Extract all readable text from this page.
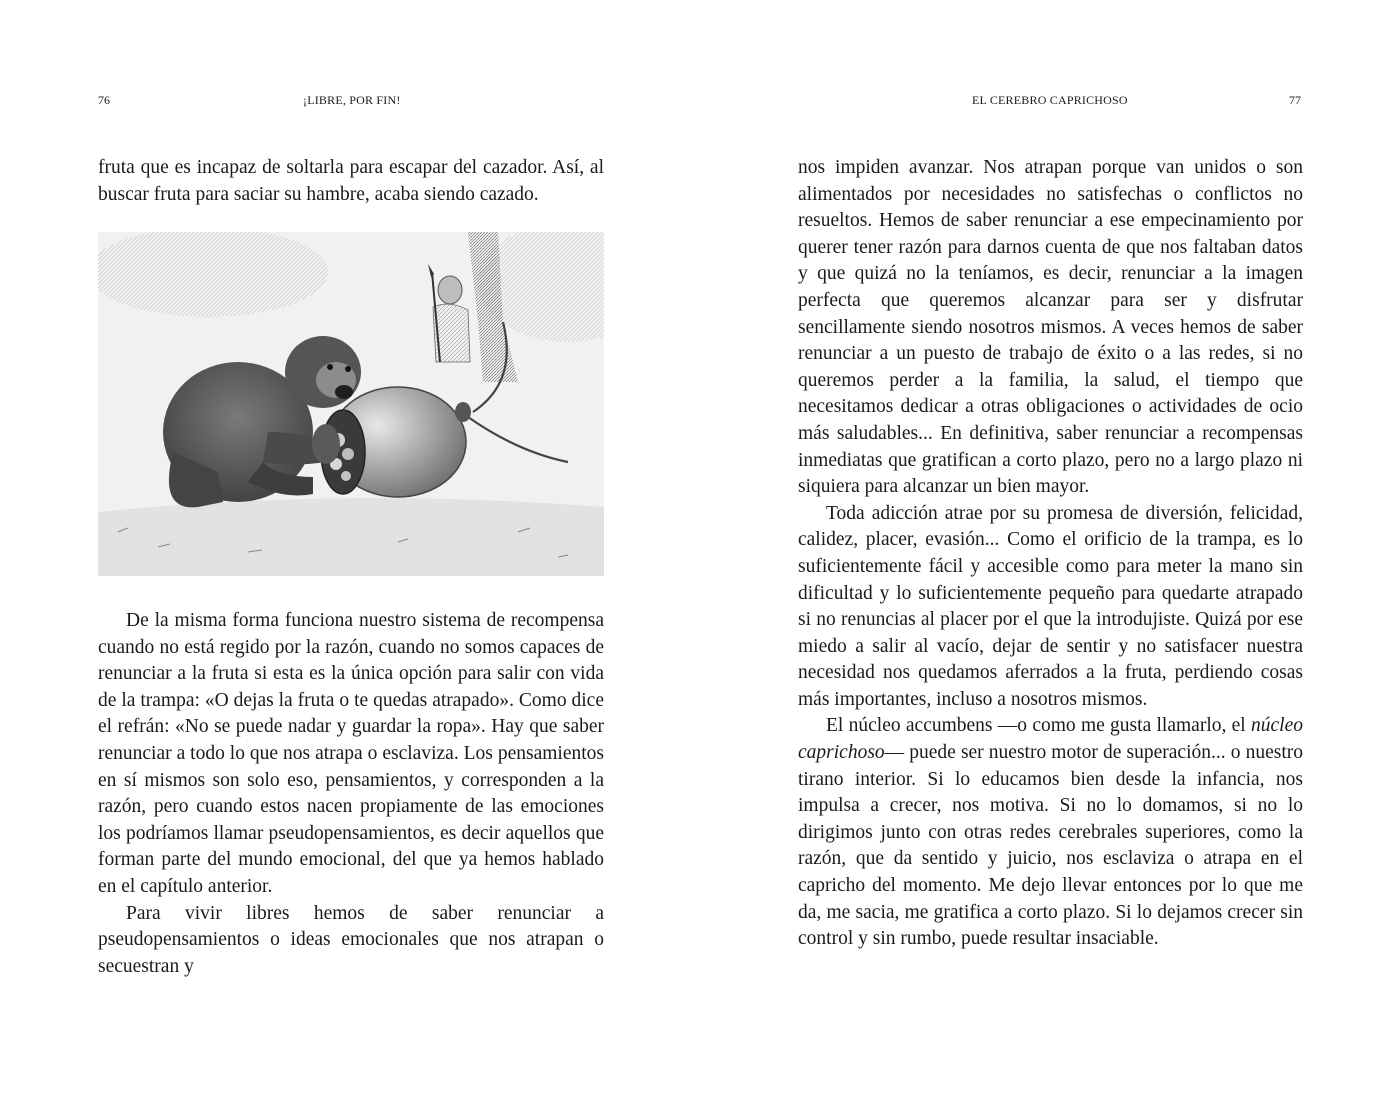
76	¡LIBRE, POR FIN!

fruta que es incapaz de soltarla para escapar del cazador. Así, al buscar fruta para saciar su hambre, acaba siendo cazado.

De la misma forma funciona nuestro sistema de recompensa cuando no está regido por la razón, cuando no somos capaces de renunciar a la fruta si esta es la única opción para salir con vida de la trampa: «O dejas la fruta o te quedas atrapado». Como dice el refrán: «No se puede nadar y guardar la ropa». Hay que saber renunciar a todo lo que nos atrapa o esclaviza. Los pensamientos en sí mismos son solo eso, pensamientos, y corresponden a la razón, pero cuando estos nacen propiamente de las emociones los podríamos llamar pseudopensamientos, es decir aquellos que forman parte del mundo emocional, del que ya hemos hablado en el capítulo anterior.

Para vivir libres hemos de saber renunciar a pseudopensamientos o ideas emocionales que nos atrapan o secuestran y

EL CEREBRO CAPRICHOSO	77

nos impiden avanzar. Nos atrapan porque van unidos o son alimentados por necesidades no satisfechas o conflictos no resueltos. Hemos de saber renunciar a ese empecinamiento por querer tener razón para darnos cuenta de que nos faltaban datos y que quizá no la teníamos, es decir, renunciar a la imagen perfecta que queremos alcanzar para ser y disfrutar sencillamente siendo nosotros mismos. A veces hemos de saber renunciar a un puesto de trabajo de éxito o a las redes, si no queremos perder a la familia, la salud, el tiempo que necesitamos dedicar a otras obligaciones o actividades de ocio más saludables... En definitiva, saber renunciar a recompensas inmediatas que gratifican a corto plazo, pero no a largo plazo ni siquiera para alcanzar un bien mayor.

Toda adicción atrae por su promesa de diversión, felicidad, calidez, placer, evasión... Como el orificio de la trampa, es lo suficientemente fácil y accesible como para meter la mano sin dificultad y lo suficientemente pequeño para quedarte atrapado si no renuncias al placer por el que la introdujiste. Quizá por ese miedo a salir al vacío, dejar de sentir y no satisfacer nuestra necesidad nos quedamos aferrados a la fruta, perdiendo cosas más importantes, incluso a nosotros mismos.

El núcleo accumbens —o como me gusta llamarlo, el núcleo caprichoso— puede ser nuestro motor de superación... o nuestro tirano interior. Si lo educamos bien desde la infancia, nos impulsa a crecer, nos motiva. Si no lo domamos, si no lo dirigimos junto con otras redes cerebrales superiores, como la razón, que da sentido y juicio, nos esclaviza o atrapa en el capricho del momento. Me dejo llevar entonces por lo que me da, me sacia, me gratifica a corto plazo. Si lo dejamos crecer sin control y sin rumbo, puede resultar insaciable.
